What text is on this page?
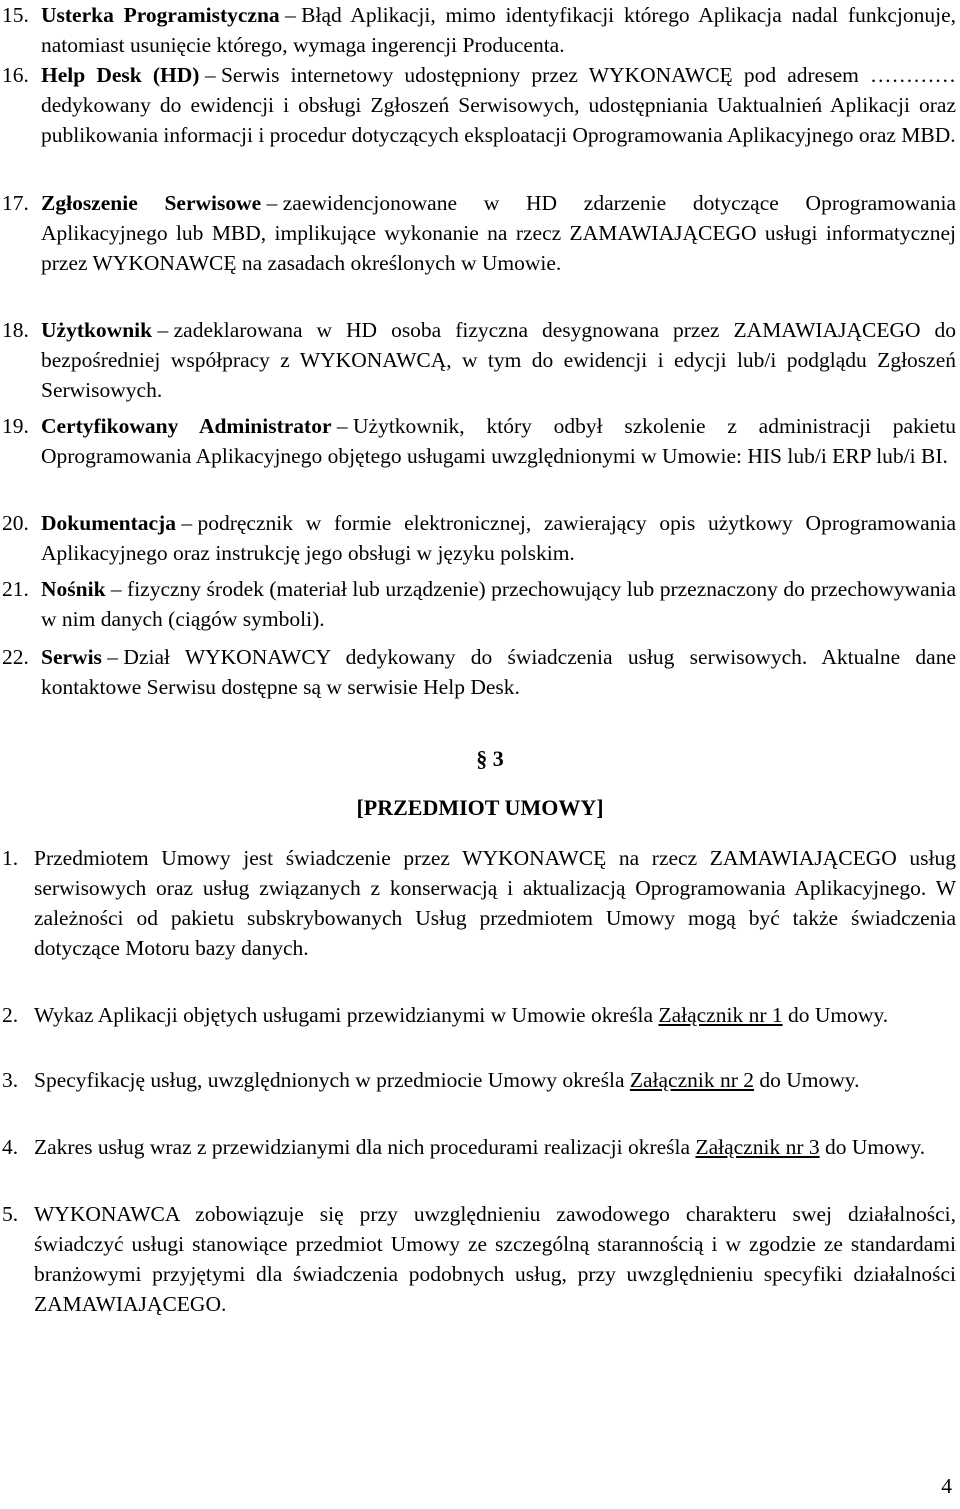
15. Usterka Programistyczna – Błąd Aplikacji, mimo identyfikacji którego Aplikacja nadal funkcjonuje, natomiast usunięcie którego, wymaga ingerencji Producenta.
16. Help Desk (HD) – Serwis internetowy udostępniony przez WYKONAWCĘ pod adresem ………… dedykowany do ewidencji i obsługi Zgłoszeń Serwisowych, udostępniania Uaktualnień Aplikacji oraz publikowania informacji i procedur dotyczących eksploatacji Oprogramowania Aplikacyjnego oraz MBD.
17. Zgłoszenie Serwisowe – zaewidencjonowane w HD zdarzenie dotyczące Oprogramowania Aplikacyjnego lub MBD, implikujące wykonanie na rzecz ZAMAWIAJĄCEGO usługi informatycznej przez WYKONAWCĘ na zasadach określonych w Umowie.
18. Użytkownik – zadeklarowana w HD osoba fizyczna desygnowana przez ZAMAWIAJĄCEGO do bezpośredniej współpracy z WYKONAWCĄ, w tym do ewidencji i edycji lub/i podglądu Zgłoszeń Serwisowych.
19. Certyfikowany Administrator – Użytkownik, który odbył szkolenie z administracji pakietu Oprogramowania Aplikacyjnego objętego usługami uwzględnionymi w Umowie: HIS lub/i ERP lub/i BI.
20. Dokumentacja – podręcznik w formie elektronicznej, zawierający opis użytkowy Oprogramowania Aplikacyjnego oraz instrukcję jego obsługi w języku polskim.
21. Nośnik – fizyczny środek (materiał lub urządzenie) przechowujący lub przeznaczony do przechowywania w nim danych (ciągów symboli).
22. Serwis – Dział WYKONAWCY dedykowany do świadczenia usług serwisowych. Aktualne dane kontaktowe Serwisu dostępne są w serwisie Help Desk.
§ 3
[PRZEDMIOT UMOWY]
1. Przedmiotem Umowy jest świadczenie przez WYKONAWCĘ na rzecz ZAMAWIAJĄCEGO usług serwisowych oraz usług związanych z konserwacją i aktualizacją Oprogramowania Aplikacyjnego. W zależności od pakietu subskrybowanych Usług przedmiotem Umowy mogą być także świadczenia dotyczące Motoru bazy danych.
2. Wykaz Aplikacji objętych usługami przewidzianymi w Umowie określa Załącznik nr 1 do Umowy.
3. Specyfikację usług, uwzględnionych w przedmiocie Umowy określa Załącznik nr 2 do Umowy.
4. Zakres usług wraz z przewidzianymi dla nich procedurami realizacji określa Załącznik nr 3 do Umowy.
5. WYKONAWCA zobowiązuje się przy uwzględnieniu zawodowego charakteru swej działalności, świadczyć usługi stanowiące przedmiot Umowy ze szczególną starannością i w zgodzie ze standardami branżowymi przyjętymi dla świadczenia podobnych usług, przy uwzględnieniu specyfiki działalności ZAMAWIAJĄCEGO.
4
